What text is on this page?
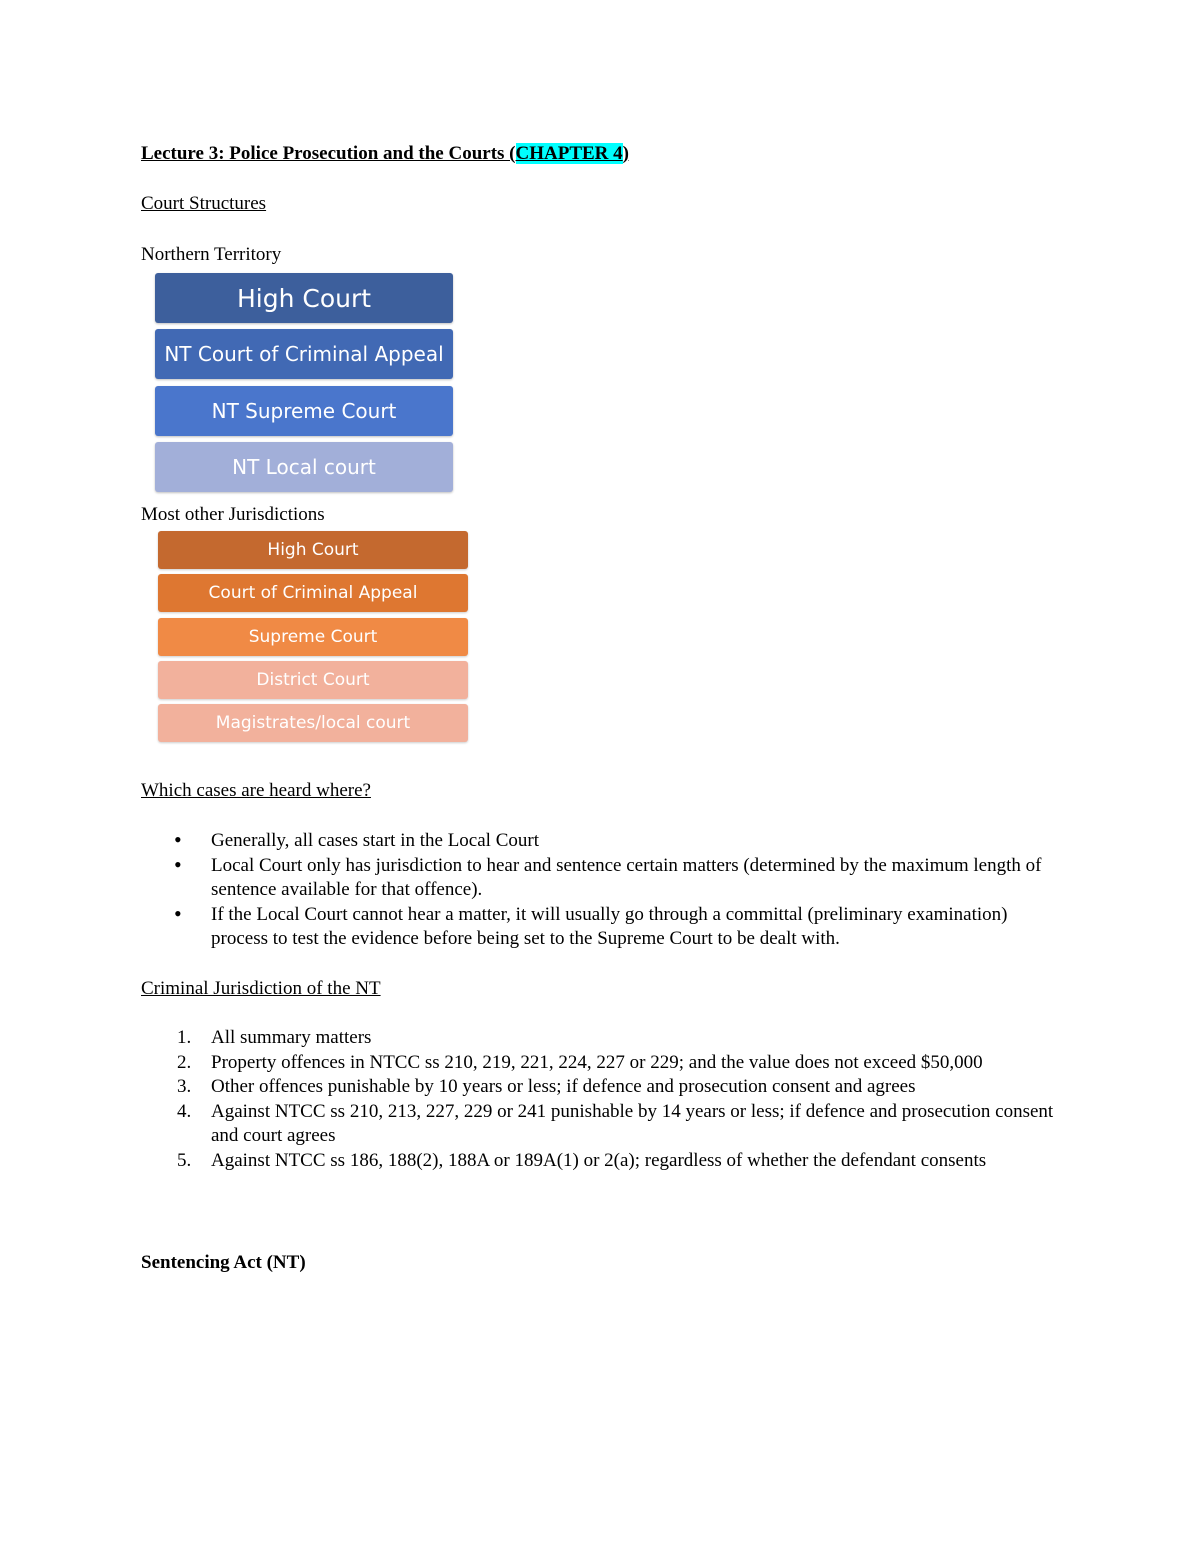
Lecture 3: Police Prosecution and the Courts (CHAPTER 4)
Court Structures
Northern Territory
High Court
NT Court of Criminal Appeal
NT Supreme Court
NT Local court
Most other Jurisdictions
High Court
Court of Criminal Appeal
Supreme Court
District Court
Magistrates/local court
Which cases are heard where?
• Generally, all cases start in the Local Court
• Local Court only has jurisdiction to hear and sentence certain matters (determined by the maximum length of sentence available for that offence).
• If the Local Court cannot hear a matter, it will usually go through a committal (preliminary examination) process to test the evidence before being set to the Supreme Court to be dealt with.
Criminal Jurisdiction of the NT
1. All summary matters
2. Property offences in NTCC ss 210, 219, 221, 224, 227 or 229; and the value does not exceed $50,000
3. Other offences punishable by 10 years or less; if defence and prosecution consent and agrees
4. Against NTCC ss 210, 213, 227, 229 or 241 punishable by 14 years or less; if defence and prosecution consent and court agrees
5. Against NTCC ss 186, 188(2), 188A or 189A(1) or 2(a); regardless of whether the defendant consents
Sentencing Act (NT)
